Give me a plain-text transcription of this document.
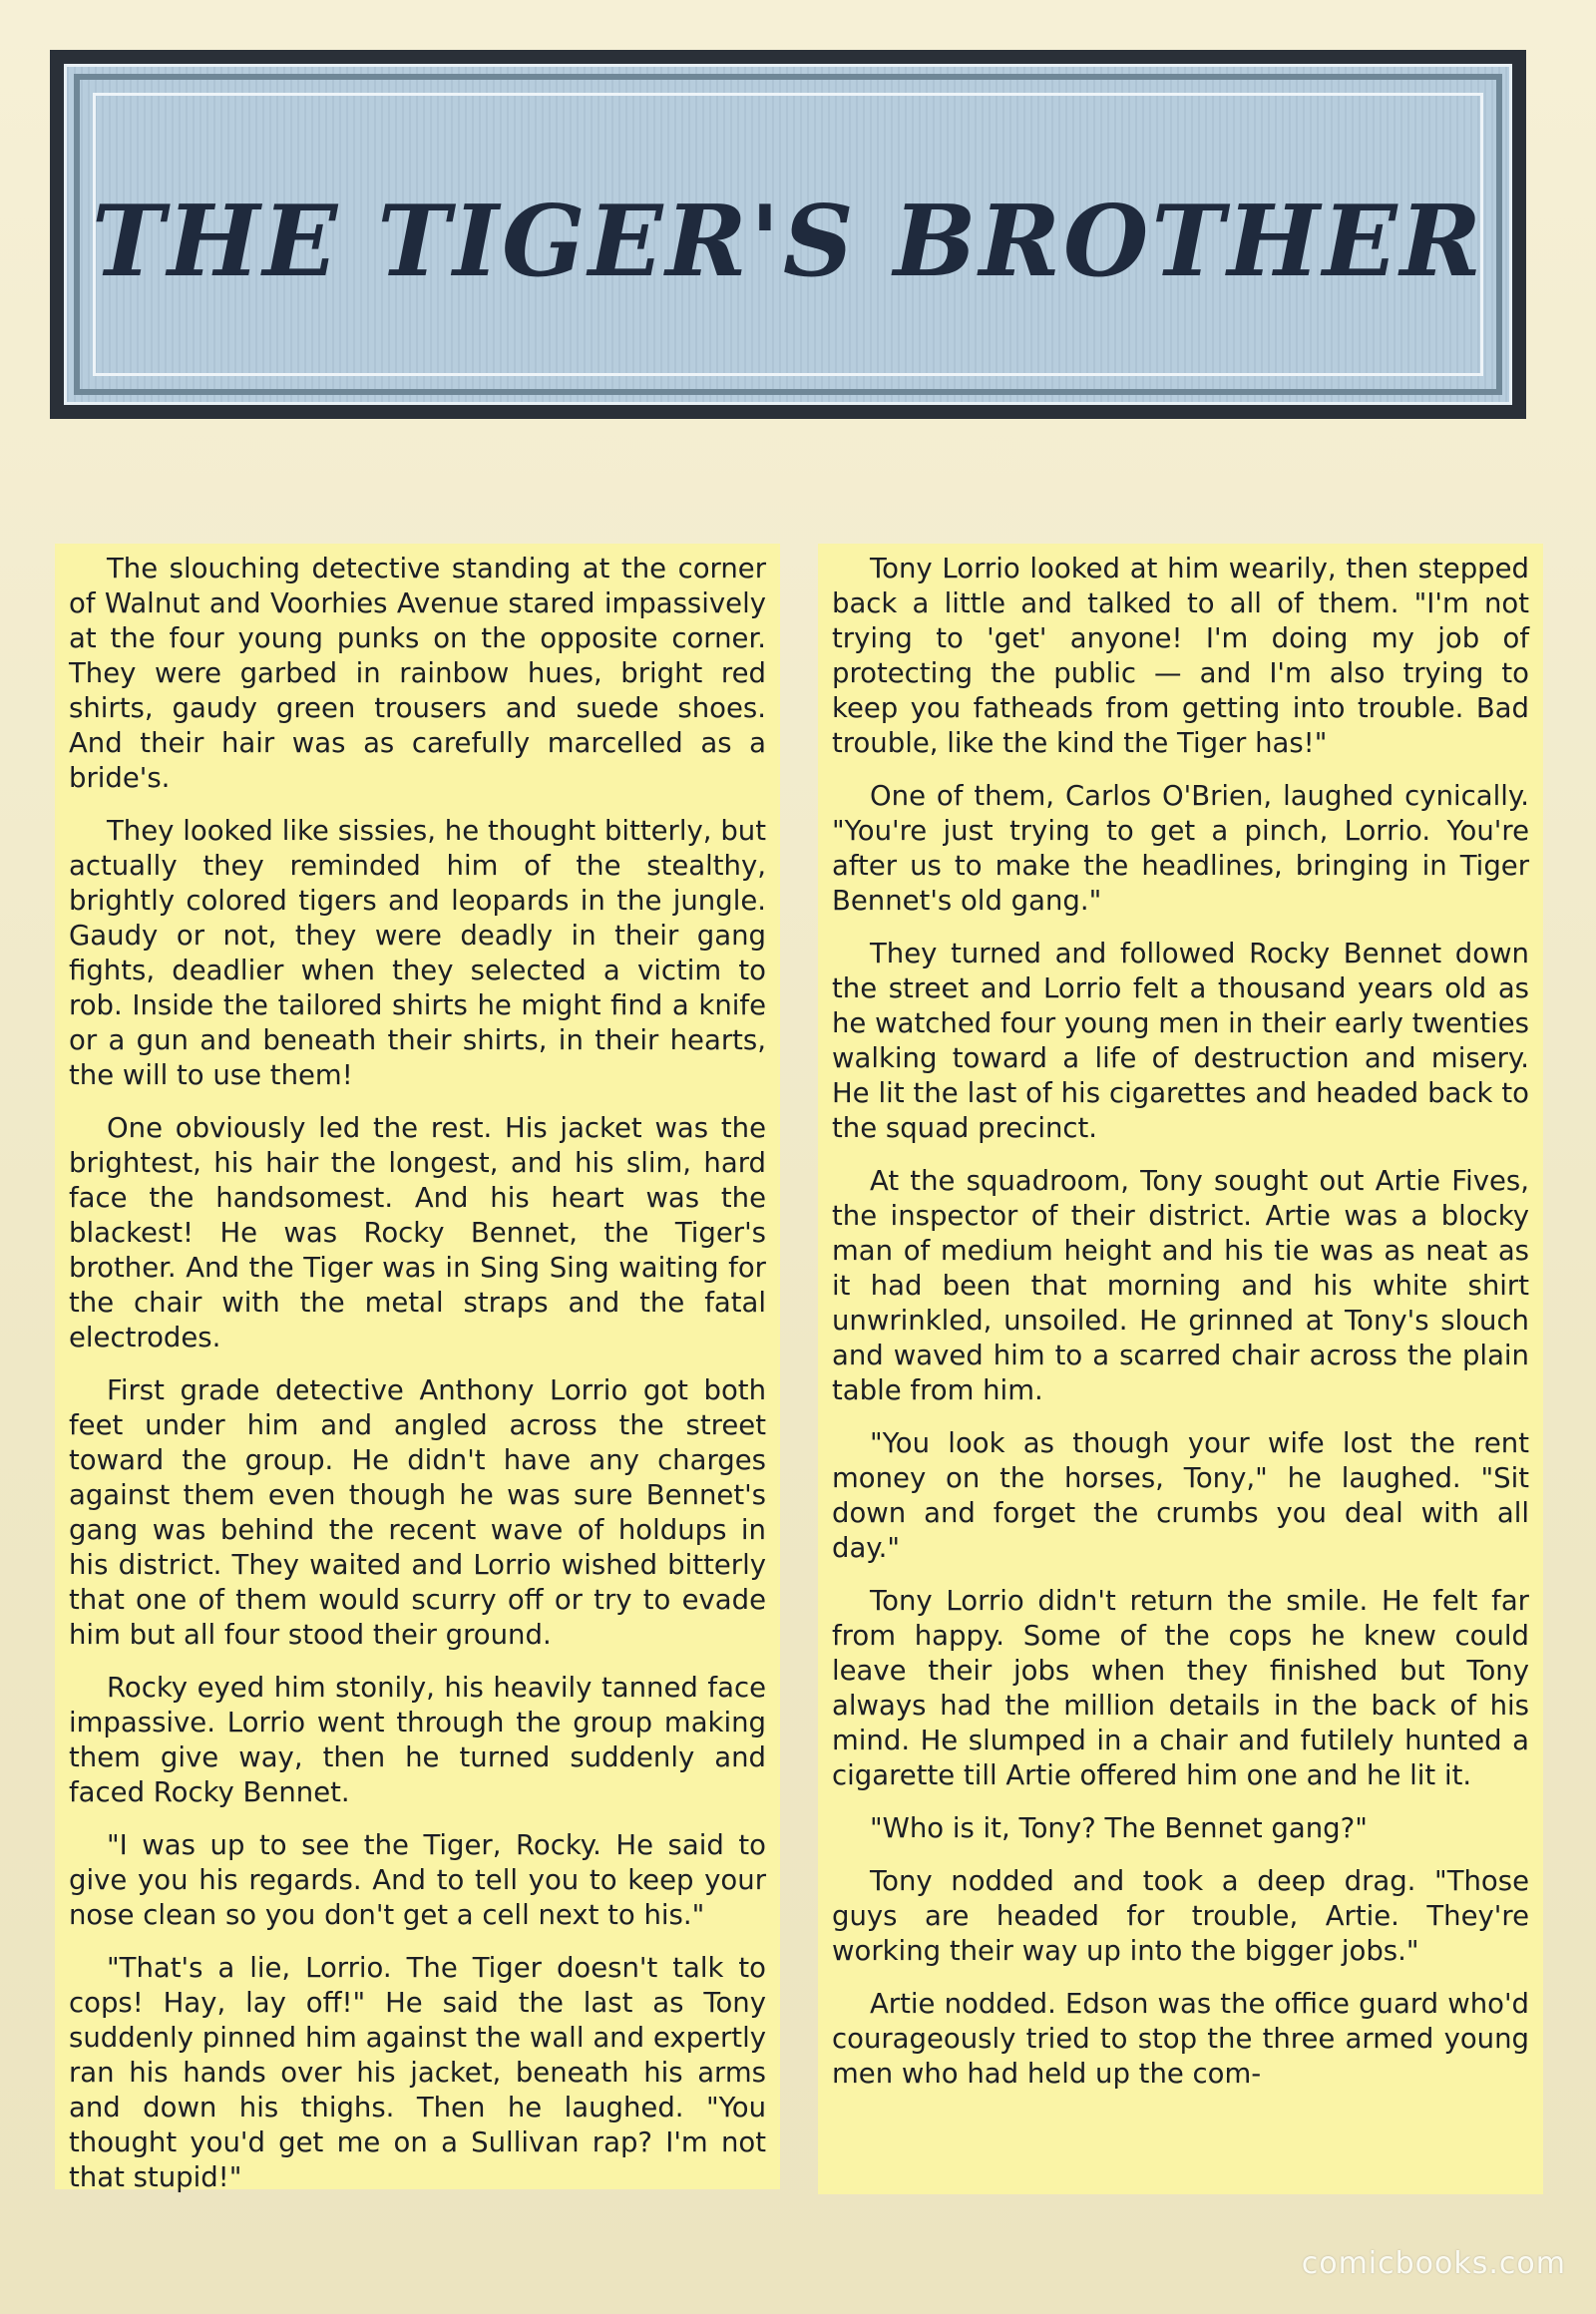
THE TIGER'S BROTHER

The slouching detective standing at the corner of Walnut and Voorhies Avenue stared impassively at the four young punks on the opposite corner. They were garbed in rainbow hues, bright red shirts, gaudy green trousers and suede shoes. And their hair was as carefully marcelled as a bride's.

They looked like sissies, he thought bitterly, but actually they reminded him of the stealthy, brightly colored tigers and leopards in the jungle. Gaudy or not, they were deadly in their gang fights, deadlier when they selected a victim to rob. Inside the tailored shirts he might find a knife or a gun and beneath their shirts, in their hearts, the will to use them!

One obviously led the rest. His jacket was the brightest, his hair the longest, and his slim, hard face the handsomest. And his heart was the blackest! He was Rocky Bennet, the Tiger's brother. And the Tiger was in Sing Sing waiting for the chair with the metal straps and the fatal electrodes.

First grade detective Anthony Lorrio got both feet under him and angled across the street toward the group. He didn't have any charges against them even though he was sure Bennet's gang was behind the recent wave of holdups in his district. They waited and Lorrio wished bitterly that one of them would scurry off or try to evade him but all four stood their ground.

Rocky eyed him stonily, his heavily tanned face impassive. Lorrio went through the group making them give way, then he turned suddenly and faced Rocky Bennet.

"I was up to see the Tiger, Rocky. He said to give you his regards. And to tell you to keep your nose clean so you don't get a cell next to his."

"That's a lie, Lorrio. The Tiger doesn't talk to cops! Hay, lay off!" He said the last as Tony suddenly pinned him against the wall and expertly ran his hands over his jacket, beneath his arms and down his thighs. Then he laughed. "You thought you'd get me on a Sullivan rap? I'm not that stupid!"

Tony Lorrio looked at him wearily, then stepped back a little and talked to all of them. "I'm not trying to 'get' anyone! I'm doing my job of protecting the public — and I'm also trying to keep you fatheads from getting into trouble. Bad trouble, like the kind the Tiger has!"

One of them, Carlos O'Brien, laughed cynically. "You're just trying to get a pinch, Lorrio. You're after us to make the headlines, bringing in Tiger Bennet's old gang."

They turned and followed Rocky Bennet down the street and Lorrio felt a thousand years old as he watched four young men in their early twenties walking toward a life of destruction and misery. He lit the last of his cigarettes and headed back to the squad precinct.

At the squadroom, Tony sought out Artie Fives, the inspector of their district. Artie was a blocky man of medium height and his tie was as neat as it had been that morning and his white shirt unwrinkled, unsoiled. He grinned at Tony's slouch and waved him to a scarred chair across the plain table from him.

"You look as though your wife lost the rent money on the horses, Tony," he laughed. "Sit down and forget the crumbs you deal with all day."

Tony Lorrio didn't return the smile. He felt far from happy. Some of the cops he knew could leave their jobs when they finished but Tony always had the million details in the back of his mind. He slumped in a chair and futilely hunted a cigarette till Artie offered him one and he lit it.

"Who is it, Tony? The Bennet gang?"

Tony nodded and took a deep drag. "Those guys are headed for trouble, Artie. They're working their way up into the bigger jobs."

Artie nodded. Edson was the office guard who'd courageously tried to stop the three armed young men who had held up the com-

comicbooks.com
